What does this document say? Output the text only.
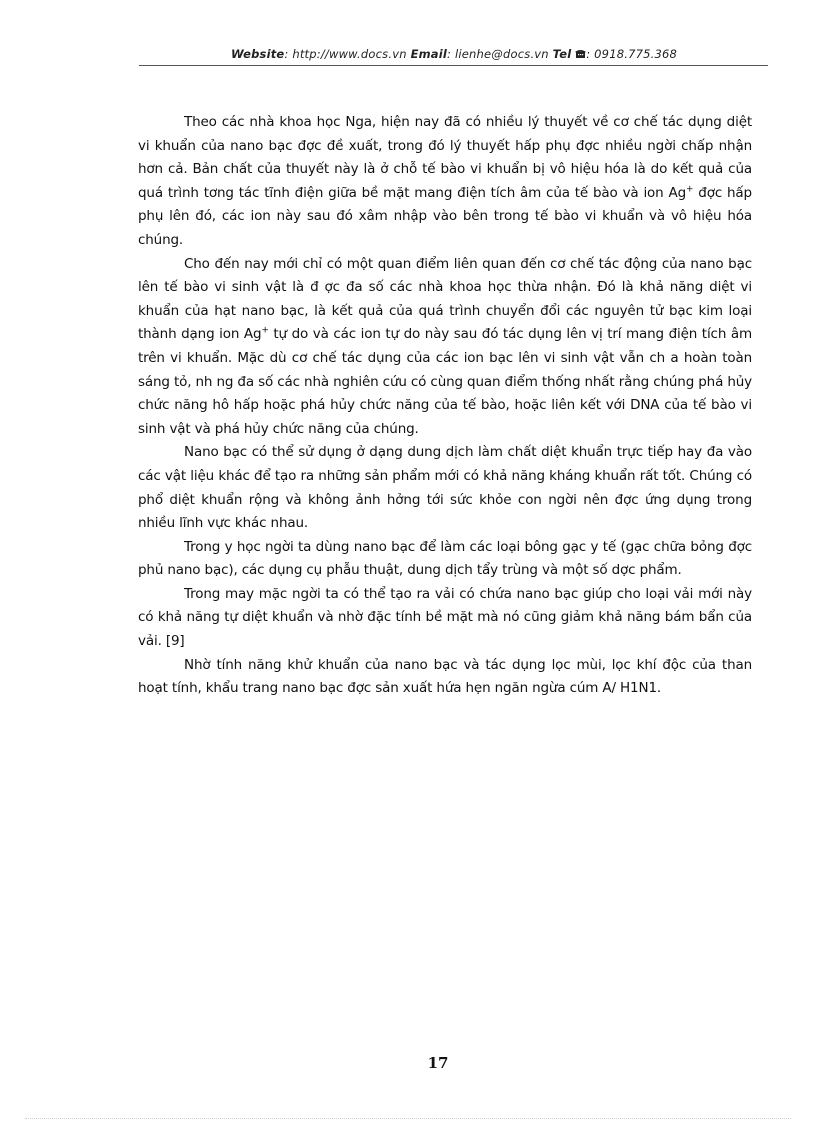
Website: http://www.docs.vn Email: lienhe@docs.vn Tel : 0918.775.368

Theo các nhà khoa học Nga, hiện nay đã có nhiều lý thuyết về cơ chế tác dụng diệt vi khuẩn của nano bạc đợc đề xuất, trong đó lý thuyết hấp phụ đợc nhiều ngời chấp nhận hơn cả. Bản chất của thuyết này là ở chỗ tế bào vi khuẩn bị vô hiệu hóa là do kết quả của quá trình tơng tác tĩnh điện giữa bề mặt mang điện tích âm của tế bào và ion Ag+ đợc hấp phụ lên đó, các ion này sau đó xâm nhập vào bên trong tế bào vi khuẩn và vô hiệu hóa chúng.

Cho đến nay mới chỉ có một quan điểm liên quan đến cơ chế tác động của nano bạc lên tế bào vi sinh vật là đ ợc đa số các nhà khoa học thừa nhận. Đó là khả năng diệt vi khuẩn của hạt nano bạc, là kết quả của quá trình chuyển đổi các nguyên tử bạc kim loại thành dạng ion Ag+ tự do và các ion tự do này sau đó tác dụng lên vị trí mang điện tích âm trên vi khuẩn. Mặc dù cơ chế tác dụng của các ion bạc lên vi sinh vật vẫn ch a hoàn toàn sáng tỏ, nh ng đa số các nhà nghiên cứu có cùng quan điểm thống nhất rằng chúng phá hủy chức năng hô hấp hoặc phá hủy chức năng của tế bào, hoặc liên kết với DNA của tế bào vi sinh vật và phá hủy chức năng của chúng.

Nano bạc có thể sử dụng ở dạng dung dịch làm chất diệt khuẩn trực tiếp hay đa vào các vật liệu khác để tạo ra những sản phẩm mới có khả năng kháng khuẩn rất tốt. Chúng có phổ diệt khuẩn rộng và không ảnh hởng tới sức khỏe con ngời nên đợc ứng dụng trong nhiều lĩnh vực khác nhau.

Trong y học ngời ta dùng nano bạc để làm các loại bông gạc y tế (gạc chữa bỏng đợc phủ nano bạc), các dụng cụ phẫu thuật, dung dịch tẩy trùng và một số dợc phẩm.

Trong may mặc ngời ta có thể tạo ra vải có chứa nano bạc giúp cho loại vải mới này có khả năng tự diệt khuẩn và nhờ đặc tính bề mặt mà nó cũng giảm khả năng bám bẩn của vải. [9]

Nhờ tính năng khử khuẩn của nano bạc và tác dụng lọc mùi, lọc khí độc của than hoạt tính, khẩu trang nano bạc đợc sản xuất hứa hẹn ngăn ngừa cúm A/ H1N1.

17
